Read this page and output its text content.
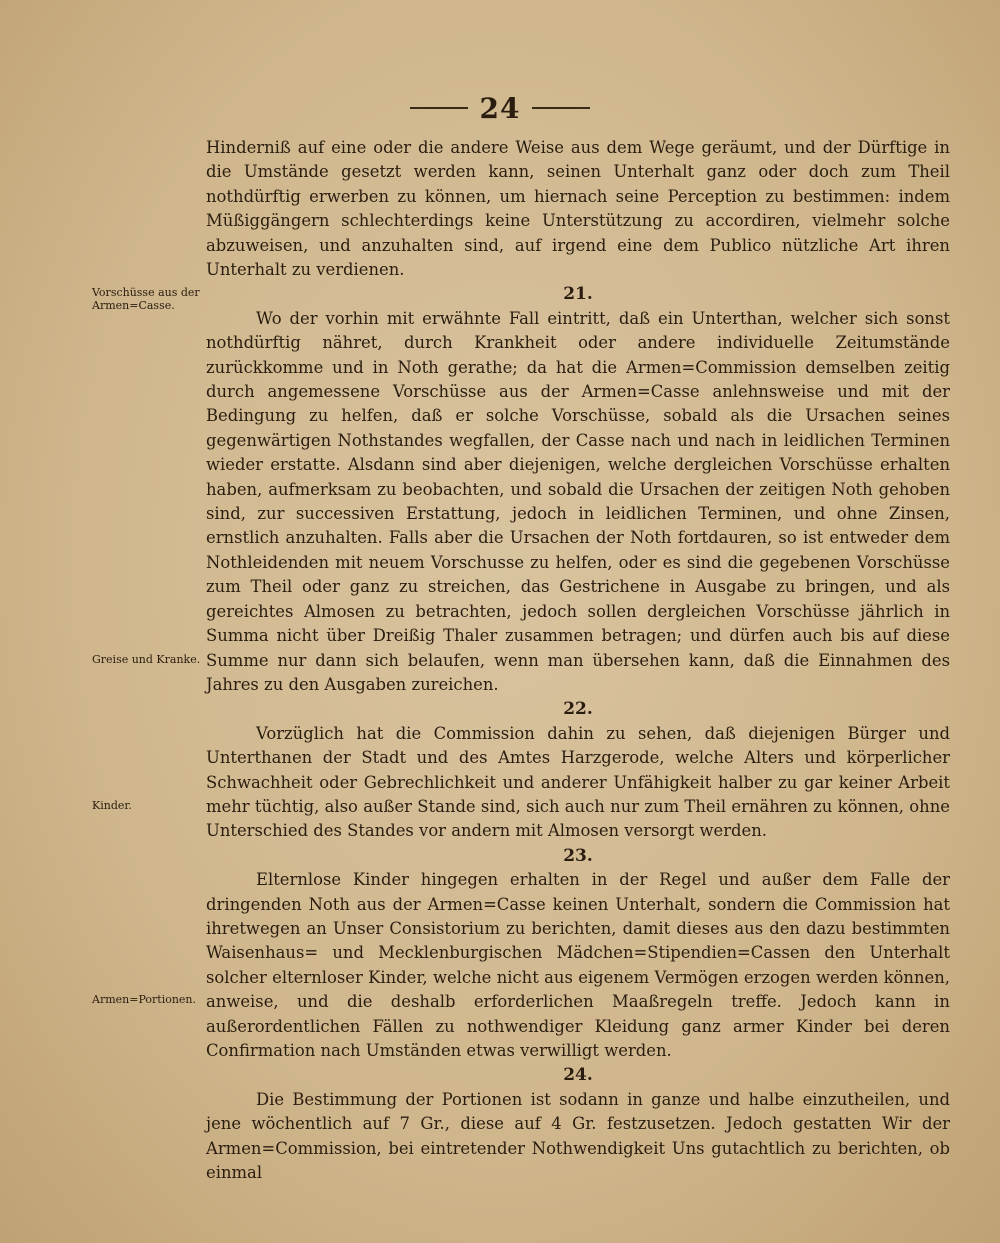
24
Vorschüsse aus der Armen=Casse.
Greise und Kranke.
Kinder.
Armen=Portionen.

Hinderniß auf eine oder die andere Weise aus dem Wege geräumt, und der Dürftige in die Umstände gesetzt werden kann, seinen Unterhalt ganz oder doch zum Theil nothdürftig erwerben zu können, um hiernach seine Perception zu bestimmen: indem Müßiggängern schlechterdings keine Unterstützung zu accordiren, vielmehr solche abzuweisen, und anzuhalten sind, auf irgend eine dem Publico nützliche Art ihren Unterhalt zu verdienen.

21.

Wo der vorhin mit erwähnte Fall eintritt, daß ein Unterthan, welcher sich sonst nothdürftig nähret, durch Krankheit oder andere individuelle Zeitumstände zurückkomme und in Noth gerathe; da hat die Armen=Commission demselben zeitig durch angemessene Vorschüsse aus der Armen=Casse anlehnsweise und mit der Bedingung zu helfen, daß er solche Vorschüsse, sobald als die Ursachen seines gegenwärtigen Nothstandes wegfallen, der Casse nach und nach in leidlichen Terminen wieder erstatte. Alsdann sind aber diejenigen, welche dergleichen Vorschüsse erhalten haben, aufmerksam zu beobachten, und sobald die Ursachen der zeitigen Noth gehoben sind, zur successiven Erstattung, jedoch in leidlichen Terminen, und ohne Zinsen, ernstlich anzuhalten. Falls aber die Ursachen der Noth fortdauren, so ist entweder dem Nothleidenden mit neuem Vorschusse zu helfen, oder es sind die gegebenen Vorschüsse zum Theil oder ganz zu streichen, das Gestrichene in Ausgabe zu bringen, und als gereichtes Almosen zu betrachten, jedoch sollen dergleichen Vorschüsse jährlich in Summa nicht über Dreißig Thaler zusammen betragen; und dürfen auch bis auf diese Summe nur dann sich belaufen, wenn man übersehen kann, daß die Einnahmen des Jahres zu den Ausgaben zureichen.

22.

Vorzüglich hat die Commission dahin zu sehen, daß diejenigen Bürger und Unterthanen der Stadt und des Amtes Harzgerode, welche Alters und körperlicher Schwachheit oder Gebrechlichkeit und anderer Unfähigkeit halber zu gar keiner Arbeit mehr tüchtig, also außer Stande sind, sich auch nur zum Theil ernähren zu können, ohne Unterschied des Standes vor andern mit Almosen versorgt werden.

23.

Elternlose Kinder hingegen erhalten in der Regel und außer dem Falle der dringenden Noth aus der Armen=Casse keinen Unterhalt, sondern die Commission hat ihretwegen an Unser Consistorium zu berichten, damit dieses aus den dazu bestimmten Waisenhaus= und Mecklenburgischen Mädchen=Stipendien=Cassen den Unterhalt solcher elternloser Kinder, welche nicht aus eigenem Vermögen erzogen werden können, anweise, und die deshalb erforderlichen Maaßregeln treffe. Jedoch kann in außerordentlichen Fällen zu nothwendiger Kleidung ganz armer Kinder bei deren Confirmation nach Umständen etwas verwilligt werden.

24.

Die Bestimmung der Portionen ist sodann in ganze und halbe einzutheilen, und jene wöchentlich auf 7 Gr., diese auf 4 Gr. festzusetzen. Jedoch gestatten Wir der Armen=Commission, bei eintretender Nothwendigkeit Uns gutachtlich zu berichten, ob einmal
